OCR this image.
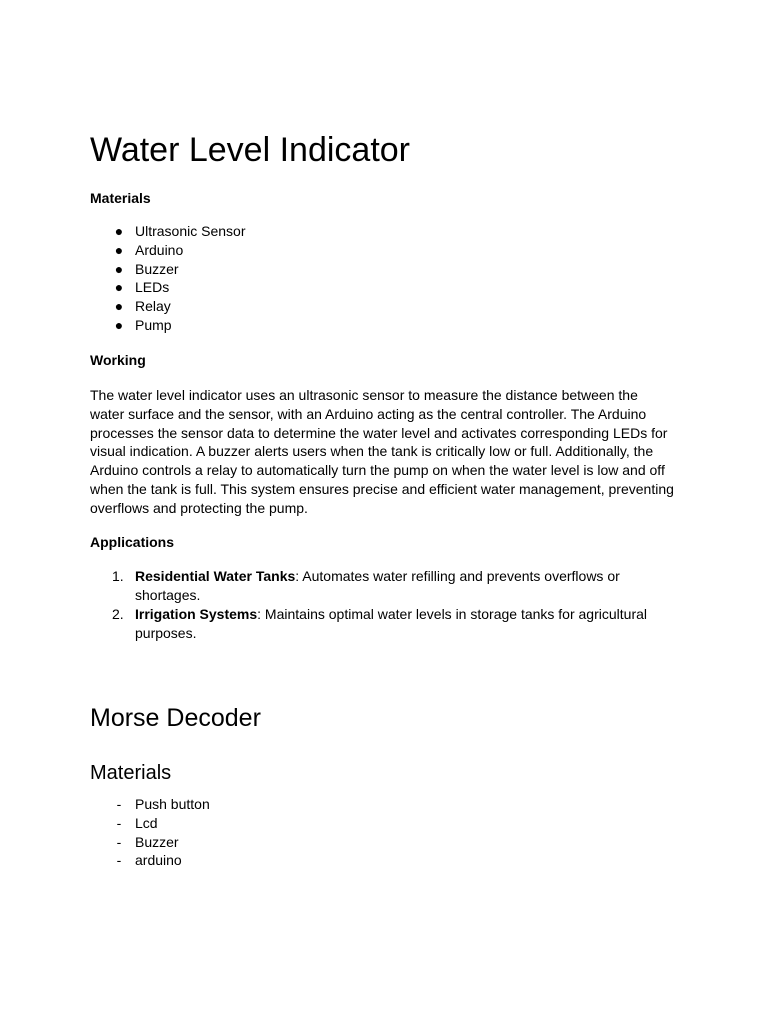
Water Level Indicator

Materials

● Ultrasonic Sensor
● Arduino
● Buzzer
● LEDs
● Relay
● Pump

Working

The water level indicator uses an ultrasonic sensor to measure the distance between the water surface and the sensor, with an Arduino acting as the central controller. The Arduino processes the sensor data to determine the water level and activates corresponding LEDs for visual indication. A buzzer alerts users when the tank is critically low or full. Additionally, the Arduino controls a relay to automatically turn the pump on when the water level is low and off when the tank is full. This system ensures precise and efficient water management, preventing overflows and protecting the pump.

Applications

1. Residential Water Tanks: Automates water refilling and prevents overflows or shortages.
2. Irrigation Systems: Maintains optimal water levels in storage tanks for agricultural purposes.
Morse Decoder
Materials
- Push button
- Lcd
- Buzzer
- arduino
